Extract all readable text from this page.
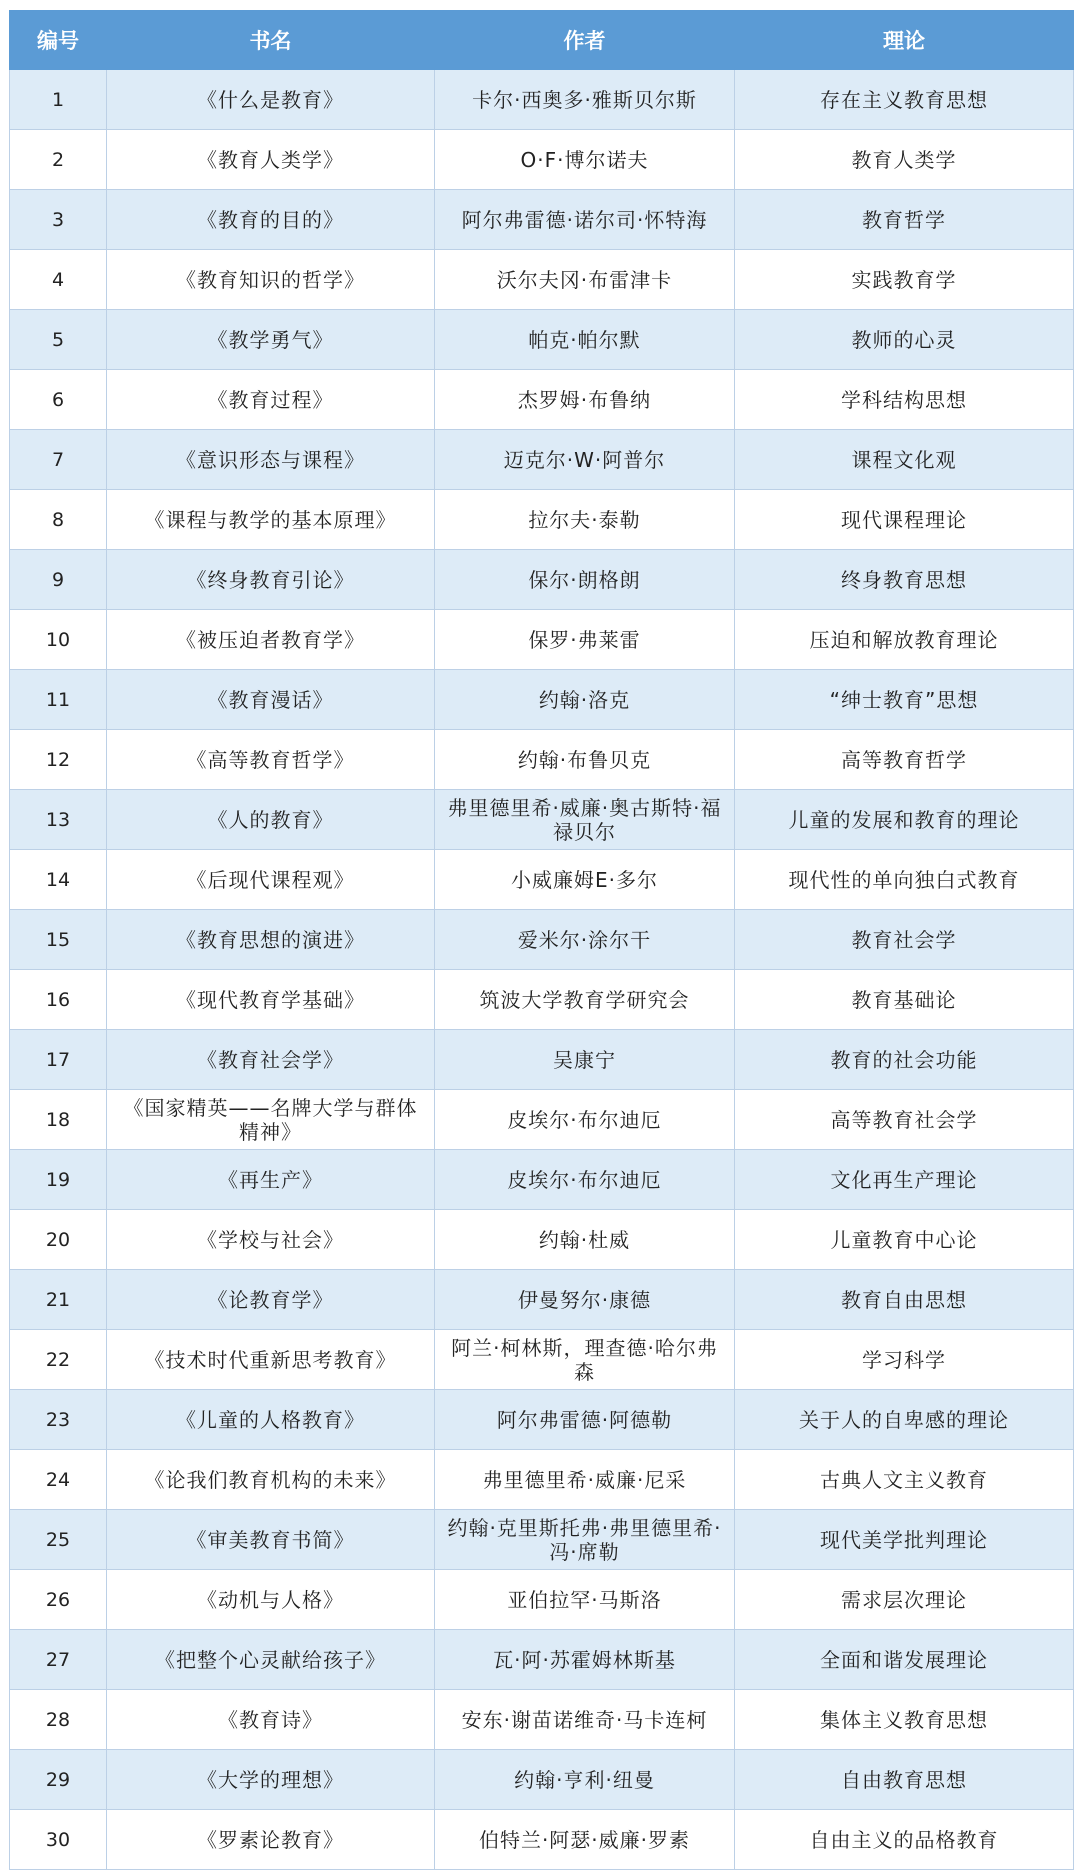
编号	书名	作者	理论
1	《什么是教育》	卡尔·西奥多·雅斯贝尔斯	存在主义教育思想
2	《教育人类学》	O·F·博尔诺夫	教育人类学
3	《教育的目的》	阿尔弗雷德·诺尔司·怀特海	教育哲学
4	《教育知识的哲学》	沃尔夫冈·布雷津卡	实践教育学
5	《教学勇气》	帕克·帕尔默	教师的心灵
6	《教育过程》	杰罗姆·布鲁纳	学科结构思想
7	《意识形态与课程》	迈克尔·W·阿普尔	课程文化观
8	《课程与教学的基本原理》	拉尔夫·泰勒	现代课程理论
9	《终身教育引论》	保尔·朗格朗	终身教育思想
10	《被压迫者教育学》	保罗·弗莱雷	压迫和解放教育理论
11	《教育漫话》	约翰·洛克	“绅士教育”思想
12	《高等教育哲学》	约翰·布鲁贝克	高等教育哲学
13	《人的教育》	弗里德里希·威廉·奥古斯特·福禄贝尔	儿童的发展和教育的理论
14	《后现代课程观》	小威廉姆E·多尔	现代性的单向独白式教育
15	《教育思想的演进》	爱米尔·涂尔干	教育社会学
16	《现代教育学基础》	筑波大学教育学研究会	教育基础论
17	《教育社会学》	吴康宁	教育的社会功能
18	《国家精英——名牌大学与群体精神》	皮埃尔·布尔迪厄	高等教育社会学
19	《再生产》	皮埃尔·布尔迪厄	文化再生产理论
20	《学校与社会》	约翰·杜威	儿童教育中心论
21	《论教育学》	伊曼努尔·康德	教育自由思想
22	《技术时代重新思考教育》	阿兰·柯林斯，理查德·哈尔弗森	学习科学
23	《儿童的人格教育》	阿尔弗雷德·阿德勒	关于人的自卑感的理论
24	《论我们教育机构的未来》	弗里德里希·威廉·尼采	古典人文主义教育
25	《审美教育书简》	约翰·克里斯托弗·弗里德里希·冯·席勒	现代美学批判理论
26	《动机与人格》	亚伯拉罕·马斯洛	需求层次理论
27	《把整个心灵献给孩子》	瓦·阿·苏霍姆林斯基	全面和谐发展理论
28	《教育诗》	安东·谢苗诺维奇·马卡连柯	集体主义教育思想
29	《大学的理想》	约翰·亨利·纽曼	自由教育思想
30	《罗素论教育》	伯特兰·阿瑟·威廉·罗素	自由主义的品格教育
